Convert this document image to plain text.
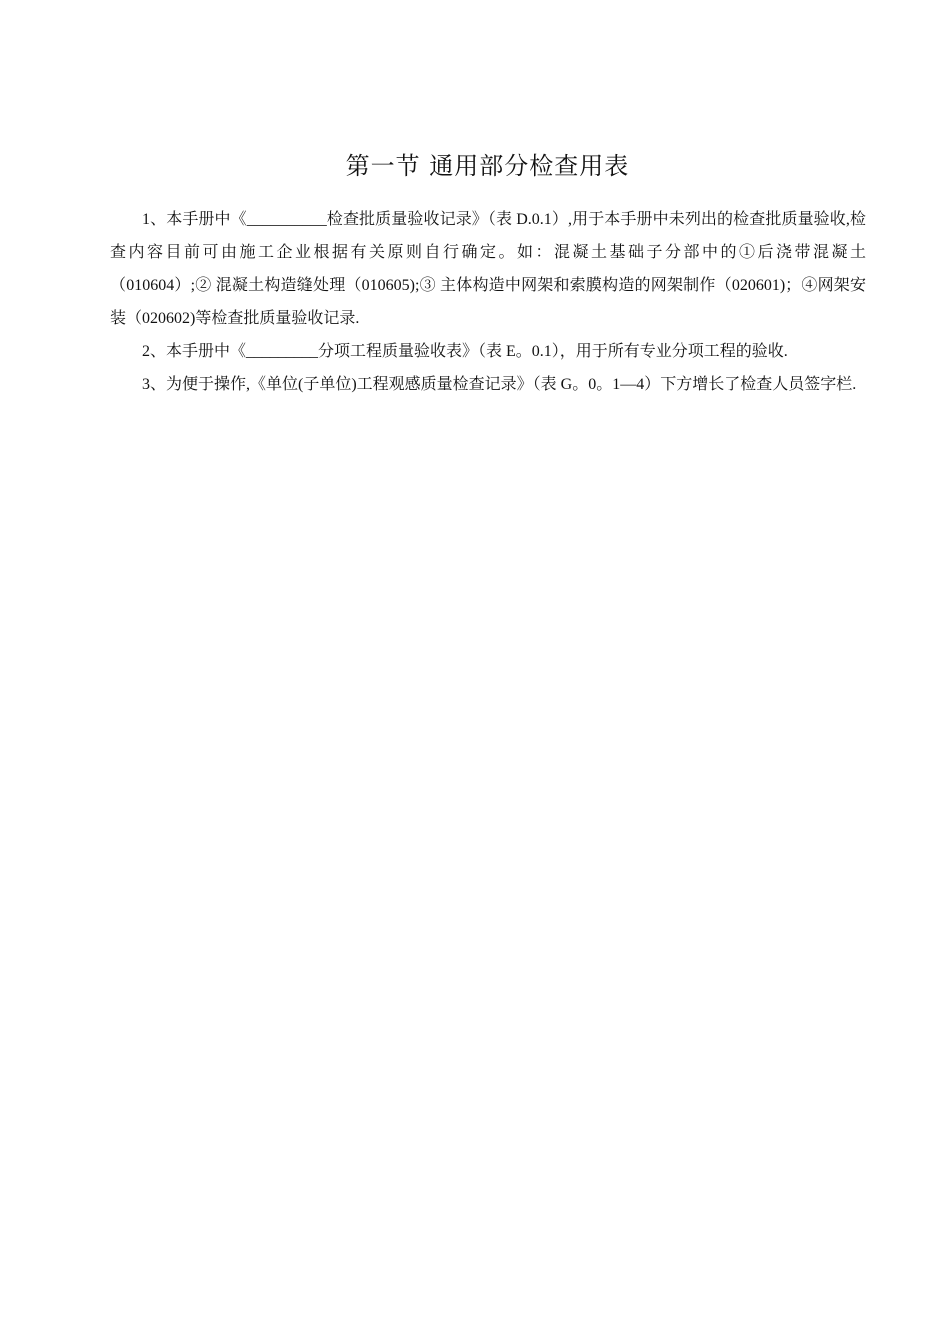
第一节 通用部分检查用表

1、本手册中《__________检查批质量验收记录》（表 D.0.1）,用于本手册中未列出的检查批质量验收,检查内容目前可由施工企业根据有关原则自行确定。如：混凝土基础子分部中的①后浇带混凝土（010604）;② 混凝土构造缝处理（010605);③ 主体构造中网架和索膜构造的网架制作（020601)；④网架安装（020602)等检查批质量验收记录.

2、本手册中《_________分项工程质量验收表》（表 E。0.1），用于所有专业分项工程的验收.

3、为便于操作,《单位(子单位)工程观感质量检查记录》（表 G。0。1—4）下方增长了检查人员签字栏.
